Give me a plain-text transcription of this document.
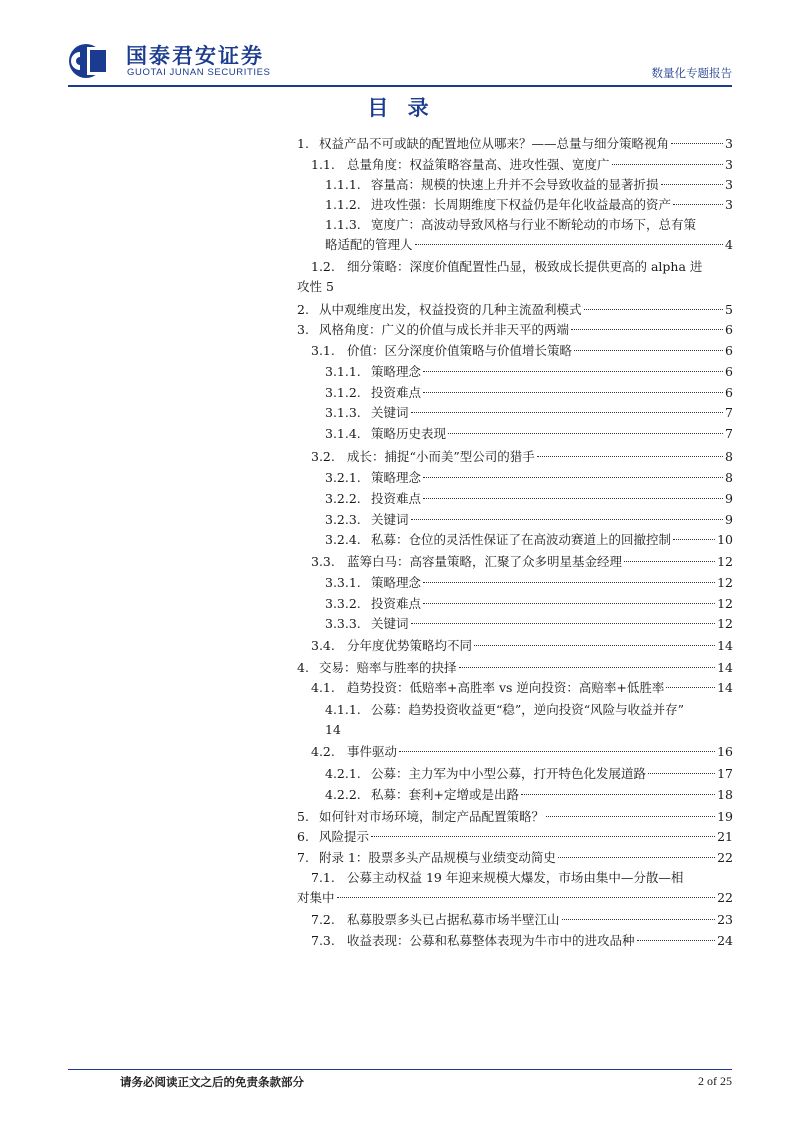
国泰君安证券
GUOTAI JUNAN SECURITIES	数量化专题报告
目 录
1. 权益产品不可或缺的配置地位从哪来？——总量与细分策略视角	3
1.1. 总量角度：权益策略容量高、进攻性强、宽度广	3
1.1.1. 容量高：规模的快速上升并不会导致收益的显著折损	3
1.1.2. 进攻性强：长周期维度下权益仍是年化收益最高的资产	3
1.1.3. 宽度广：高波动导致风格与行业不断轮动的市场下，总有策
略适配的管理人	4
1.2. 细分策略：深度价值配置性凸显，极致成长提供更高的 alpha 进
攻性 5
2. 从中观维度出发，权益投资的几种主流盈利模式	5
3. 风格角度：广义的价值与成长并非天平的两端	6
3.1. 价值：区分深度价值策略与价值增长策略	6
3.1.1. 策略理念	6
3.1.2. 投资难点	6
3.1.3. 关键词	7
3.1.4. 策略历史表现	7
3.2. 成长：捕捉“小而美”型公司的猎手	8
3.2.1. 策略理念	8
3.2.2. 投资难点	9
3.2.3. 关键词	9
3.2.4. 私募：仓位的灵活性保证了在高波动赛道上的回撤控制	10
3.3. 蓝筹白马：高容量策略，汇聚了众多明星基金经理	12
3.3.1. 策略理念	12
3.3.2. 投资难点	12
3.3.3. 关键词	12
3.4. 分年度优势策略均不同	14
4. 交易：赔率与胜率的抉择	14
4.1. 趋势投资：低赔率+高胜率 vs 逆向投资：高赔率+低胜率	14
4.1.1. 公募：趋势投资收益更“稳”，逆向投资“风险与收益并存”
14
4.2. 事件驱动	16
4.2.1. 公募：主力军为中小型公募，打开特色化发展道路	17
4.2.2. 私募：套利+定增或是出路	18
5. 如何针对市场环境，制定产品配置策略？	19
6. 风险提示	21
7. 附录 1：股票多头产品规模与业绩变动简史	22
7.1. 公募主动权益 19 年迎来规模大爆发，市场由集中—分散—相
对集中	22
7.2. 私募股票多头已占据私募市场半壁江山	23
7.3. 收益表现：公募和私募整体表现为牛市中的进攻品种	24
请务必阅读正文之后的免责条款部分	2 of 25
